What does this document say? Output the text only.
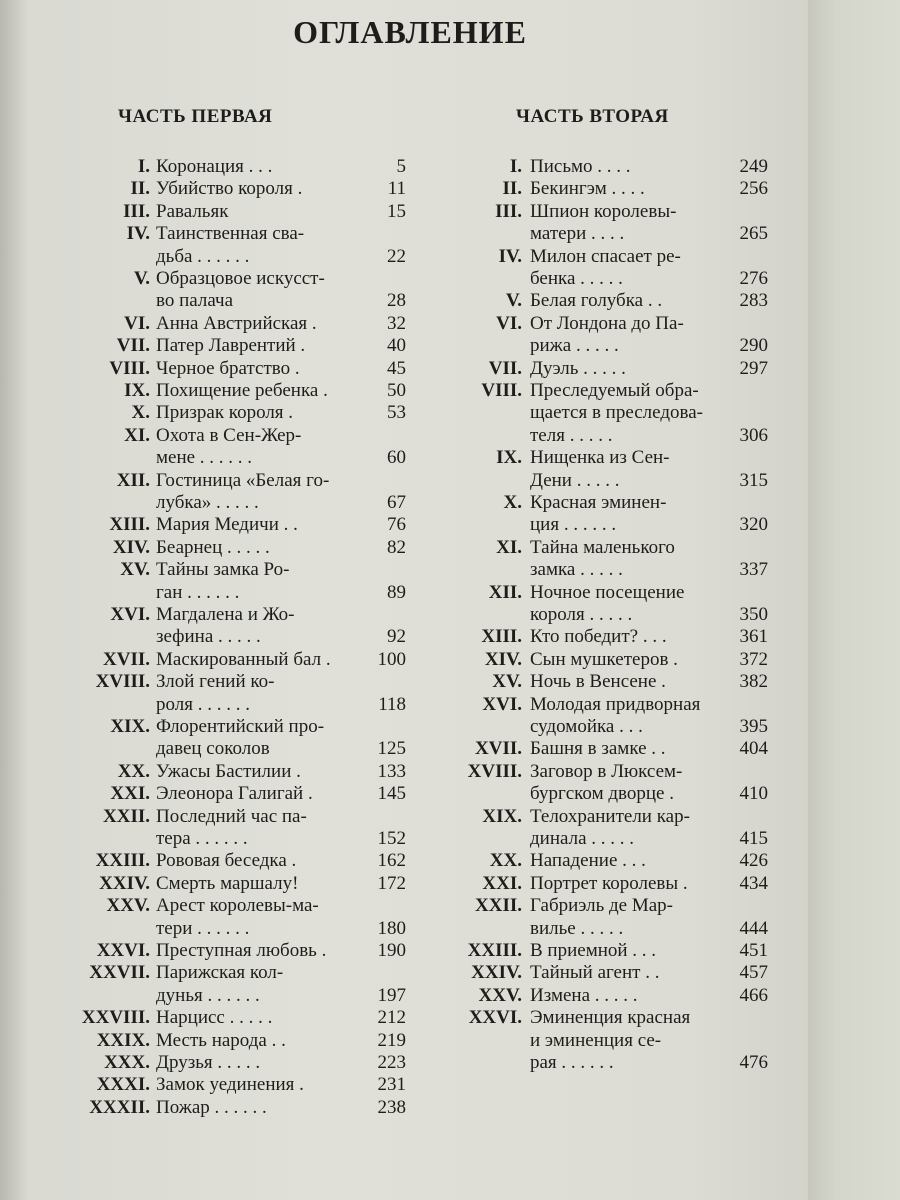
ОГЛАВЛЕНИЕ
ЧАСТЬ ПЕРВАЯ	ЧАСТЬ ВТОРАЯ
I. Коронация . . .	5
II. Убийство короля .	11
III. Равальяк	15
IV. Таинственная сва-
дьба . . . . . .	22
V. Образцовое искусст-
во палача	28
VI. Анна Австрийская .	32
VII. Патер Лаврентий .	40
VIII. Черное братство .	45
IX. Похищение ребенка .	50
X. Призрак короля .	53
XI. Охота в Сен-Жер-
мене . . . . . .	60
XII. Гостиница «Белая го-
лубка» . . . . .	67
XIII. Мария Медичи . .	76
XIV. Беарнец . . . . .	82
XV. Тайны замка Ро-
ган . . . . . .	89
XVI. Магдалена и Жо-
зефина . . . . .	92
XVII. Маскированный бал .	100
XVIII. Злой гений ко-
роля . . . . . .	118
XIX. Флорентийский про-
давец соколов	125
XX. Ужасы Бастилии .	133
XXI. Элеонора Галигай .	145
XXII. Последний час па-
тера . . . . . .	152
XXIII. Рововая беседка .	162
XXIV. Смерть маршалу!	172
XXV. Арест королевы-ма-
тери . . . . . .	180
XXVI. Преступная любовь .	190
XXVII. Парижская кол-
дунья . . . . . .	197
XXVIII. Нарцисс . . . . .	212
XXIX. Месть народа . .	219
XXX. Друзья . . . . .	223
XXXI. Замок уединения .	231
XXXII. Пожар . . . . . .	238
I. Письмо . . . .	249
II. Бекингэм . . . .	256
III. Шпион королевы-
матери . . . .	265
IV. Милон спасает ре-
бенка . . . . .	276
V. Белая голубка . .	283
VI. От Лондона до Па-
рижа . . . . .	290
VII. Дуэль . . . . .	297
VIII. Преследуемый обра-
щается в преследова-
теля . . . . .	306
IX. Нищенка из Сен-
Дени . . . . .	315
X. Красная эминен-
ция . . . . . .	320
XI. Тайна маленького
замка . . . . .	337
XII. Ночное посещение
короля . . . . .	350
XIII. Кто победит? . . .	361
XIV. Сын мушкетеров .	372
XV. Ночь в Венсене .	382
XVI. Молодая придворная
судомойка . . .	395
XVII. Башня в замке . .	404
XVIII. Заговор в Люксем-
бургском дворце .	410
XIX. Телохранители кар-
динала . . . . .	415
XX. Нападение . . .	426
XXI. Портрет королевы .	434
XXII. Габриэль де Мар-
вилье . . . . .	444
XXIII. В приемной . . .	451
XXIV. Тайный агент . .	457
XXV. Измена . . . . .	466
XXVI. Эминенция красная
и эминенция се-
рая . . . . . .	476
